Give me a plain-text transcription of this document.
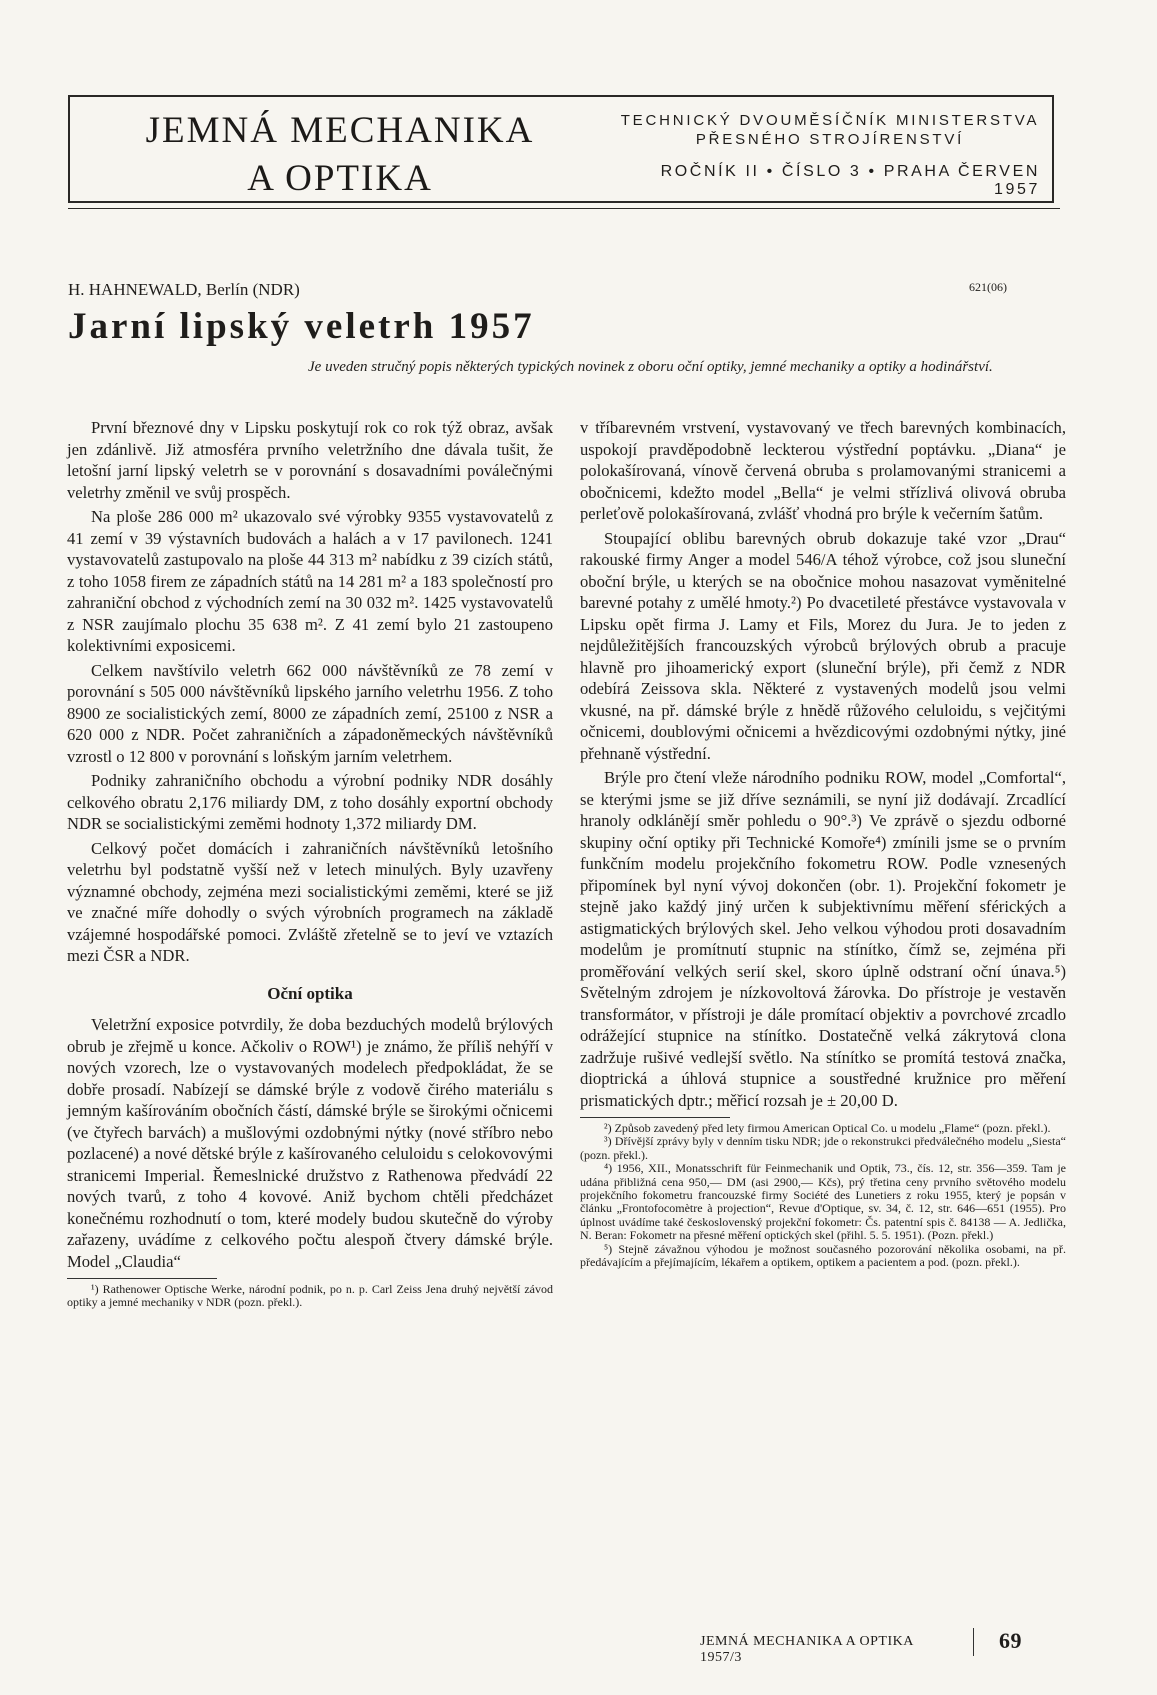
JEMNÁ MECHANIKA
A OPTIKA
TECHNICKÝ DVOUMĚSÍČNÍK MINISTERSTVA
PŘESNÉHO STROJÍRENSTVÍ
ROČNÍK II • ČÍSLO 3 • PRAHA ČERVEN 1957
H. HAHNEWALD, Berlín (NDR)	621(06)
Jarní lipský veletrh 1957
Je uveden stručný popis některých typických novinek z oboru oční optiky, jemné mechaniky a optiky a hodinářství.

První březnové dny v Lipsku poskytují rok co rok týž obraz, avšak jen zdánlivě. Již atmosféra prvního veletržního dne dávala tušit, že letošní jarní lipský veletrh se v porovnání s dosavadními poválečnými veletrhy změnil ve svůj prospěch.

Na ploše 286 000 m² ukazovalo své výrobky 9355 vystavovatelů z 41 zemí v 39 výstavních budovách a halách a v 17 pavilonech. 1241 vystavovatelů zastupovalo na ploše 44 313 m² nabídku z 39 cizích států, z toho 1058 firem ze západních států na 14 281 m² a 183 společností pro zahraniční obchod z východních zemí na 30 032 m². 1425 vystavovatelů z NSR zaujímalo plochu 35 638 m². Z 41 zemí bylo 21 zastoupeno kolektivními exposicemi.

Celkem navštívilo veletrh 662 000 návštěvníků ze 78 zemí v porovnání s 505 000 návštěvníků lipského jarního veletrhu 1956. Z toho 8900 ze socialistických zemí, 8000 ze západních zemí, 25100 z NSR a 620 000 z NDR. Počet zahraničních a západoněmeckých návštěvníků vzrostl o 12 800 v porovnání s loňským jarním veletrhem.

Podniky zahraničního obchodu a výrobní podniky NDR dosáhly celkového obratu 2,176 miliardy DM, z toho dosáhly exportní obchody NDR se socialistickými zeměmi hodnoty 1,372 miliardy DM.

Celkový počet domácích i zahraničních návštěvníků letošního veletrhu byl podstatně vyšší než v letech minulých. Byly uzavřeny významné obchody, zejména mezi socialistickými zeměmi, které se již ve značné míře dohodly o svých výrobních programech na základě vzájemné hospodářské pomoci. Zvláště zřetelně se to jeví ve vztazích mezi ČSR a NDR.

Oční optika

Veletržní exposice potvrdily, že doba bezduchých modelů brýlových obrub je zřejmě u konce. Ačkoliv o ROW¹) je známo, že příliš nehýří v nových vzorech, lze o vystavovaných modelech předpokládat, že se dobře prosadí. Nabízejí se dámské brýle z vodově čirého materiálu s jemným kašírováním obočních částí, dámské brýle se širokými očnicemi (ve čtyřech barvách) a mušlovými ozdobnými nýtky (nové stříbro nebo pozlacené) a nové dětské brýle z kašírovaného celuloidu s celokovovými stranicemi Imperial. Řemeslnické družstvo z Rathenowa předvádí 22 nových tvarů, z toho 4 kovové. Aniž bychom chtěli předcházet konečnému rozhodnutí o tom, které modely budou skutečně do výroby zařazeny, uvádíme z celkového počtu alespoň čtvery dámské brýle. Model „Claudia“

¹) Rathenower Optische Werke, národní podnik, po n. p. Carl Zeiss Jena druhý největší závod optiky a jemné mechaniky v NDR (pozn. překl.).

v tříbarevném vrstvení, vystavovaný ve třech barevných kombinacích, uspokojí pravděpodobně leckterou výstřední poptávku. „Diana“ je polokašírovaná, vínově červená obruba s prolamovanými stranicemi a obočnicemi, kdežto model „Bella“ je velmi střízlivá olivová obruba perleťově polokašírovaná, zvlášť vhodná pro brýle k večerním šatům.

Stoupající oblibu barevných obrub dokazuje také vzor „Drau“ rakouské firmy Anger a model 546/A téhož výrobce, což jsou sluneční oboční brýle, u kterých se na obočnice mohou nasazovat vyměnitelné barevné potahy z umělé hmoty.²) Po dvacetileté přestávce vystavovala v Lipsku opět firma J. Lamy et Fils, Morez du Jura. Je to jeden z nejdůležitějších francouzských výrobců brýlových obrub a pracuje hlavně pro jihoamerický export (sluneční brýle), při čemž z NDR odebírá Zeissova skla. Některé z vystavených modelů jsou velmi vkusné, na př. dámské brýle z hnědě růžového celuloidu, s vejčitými očnicemi, doublovými očnicemi a hvězdicovými ozdobnými nýtky, jiné přehnaně výstřední.

Brýle pro čtení vleže národního podniku ROW, model „Comfortal“, se kterými jsme se již dříve seznámili, se nyní již dodávají. Zrcadlící hranoly odklánějí směr pohledu o 90°.³) Ve zprávě o sjezdu odborné skupiny oční optiky při Technické Komoře⁴) zmínili jsme se o prvním funkčním modelu projekčního fokometru ROW. Podle vznesených připomínek byl nyní vývoj dokončen (obr. 1). Projekční fokometr je stejně jako každý jiný určen k subjektivnímu měření sférických a astigmatických brýlových skel. Jeho velkou výhodou proti dosavadním modelům je promítnutí stupnic na stínítko, čímž se, zejména při proměřování velkých serií skel, skoro úplně odstraní oční únava.⁵) Světelným zdrojem je nízkovoltová žárovka. Do přístroje je vestavěn transformátor, v přístroji je dále promítací objektiv a povrchové zrcadlo odrážející stupnice na stínítko. Dostatečně velká zákrytová clona zadržuje rušivé vedlejší světlo. Na stínítko se promítá testová značka, dioptrická a úhlová stupnice a soustředné kružnice pro měření prismatických dptr.; měřicí rozsah je ± 20,00 D.

²) Způsob zavedený před lety firmou American Optical Co. u modelu „Flame“ (pozn. překl.).

³) Dřívější zprávy byly v denním tisku NDR; jde o rekonstrukci předválečného modelu „Siesta“ (pozn. překl.).

⁴) 1956, XII., Monatsschrift für Feinmechanik und Optik, 73., čís. 12, str. 356—359. Tam je udána přibližná cena 950,— DM (asi 2900,— Kčs), prý třetina ceny prvního světového modelu projekčního fokometru francouzské firmy Société des Lunetiers z roku 1955, který je popsán v článku „Frontofocomètre à projection“, Revue d'Optique, sv. 34, č. 12, str. 646—651 (1955). Pro úplnost uvádíme také československý projekční fokometr: Čs. patentní spis č. 84138 — A. Jedlička, N. Beran: Fokometr na přesné měření optických skel (přihl. 5. 5. 1951). (Pozn. překl.)

⁵) Stejně závažnou výhodou je možnost současného pozorování několika osobami, na př. předávajícím a přejímajícím, lékařem a optikem, optikem a pacientem a pod. (pozn. překl.).

JEMNÁ MECHANIKA A OPTIKA 1957/3
69
